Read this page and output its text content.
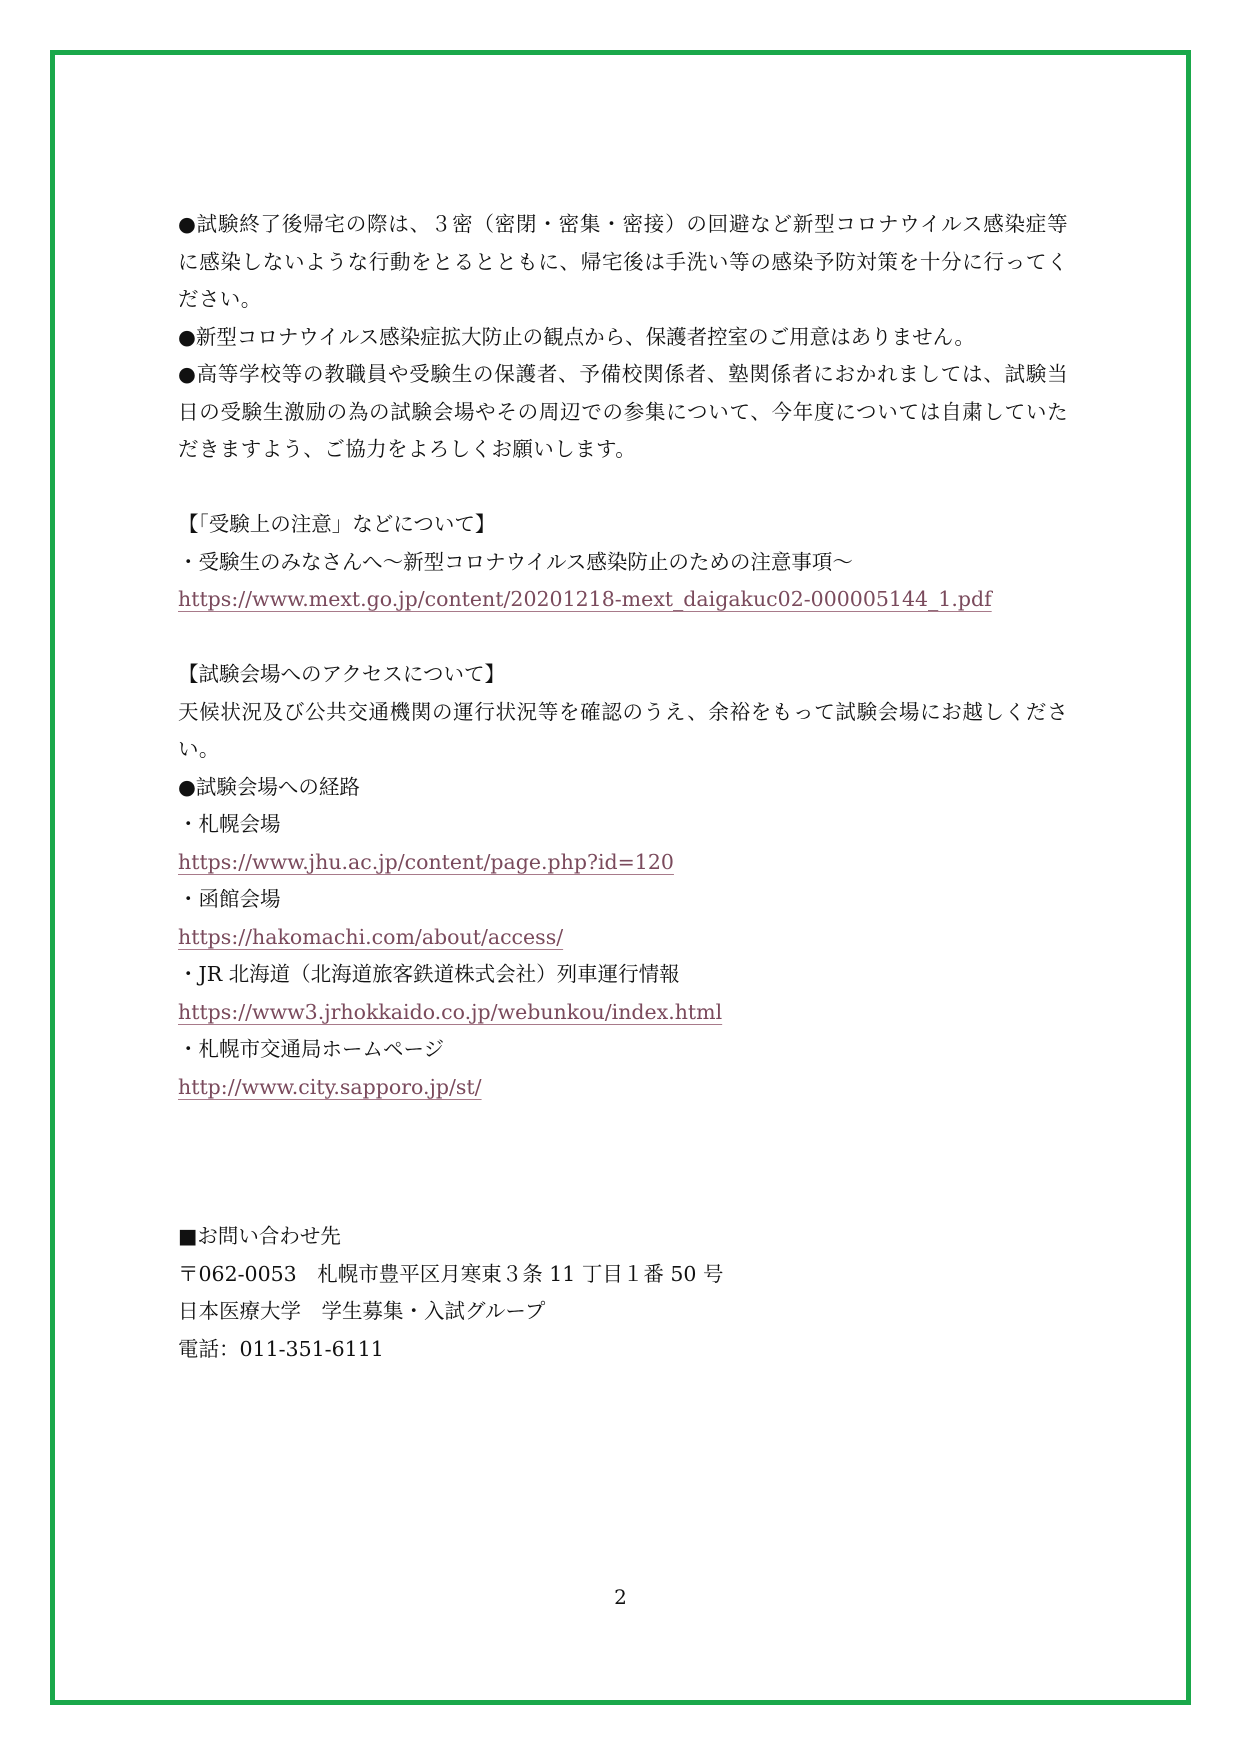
●試験終了後帰宅の際は、３密（密閉・密集・密接）の回避など新型コロナウイルス感染症等に感染しないような行動をとるとともに、帰宅後は手洗い等の感染予防対策を十分に行ってください。
●新型コロナウイルス感染症拡大防止の観点から、保護者控室のご用意はありません。
●高等学校等の教職員や受験生の保護者、予備校関係者、塾関係者におかれましては、試験当日の受験生激励の為の試験会場やその周辺での参集について、今年度については自粛していただきますよう、ご協力をよろしくお願いします。
【「受験上の注意」などについて】
・受験生のみなさんへ〜新型コロナウイルス感染防止のための注意事項〜
https://www.mext.go.jp/content/20201218-mext_daigakuc02-000005144_1.pdf
【試験会場へのアクセスについて】
天候状況及び公共交通機関の運行状況等を確認のうえ、余裕をもって試験会場にお越しください。
●試験会場への経路
・札幌会場
https://www.jhu.ac.jp/content/page.php?id=120
・函館会場
https://hakomachi.com/about/access/
・JR 北海道（北海道旅客鉄道株式会社）列車運行情報
https://www3.jrhokkaido.co.jp/webunkou/index.html
・札幌市交通局ホームページ
http://www.city.sapporo.jp/st/
■お問い合わせ先
〒062-0053　札幌市豊平区月寒東３条 11 丁目１番 50 号
日本医療大学　学生募集・入試グループ
電話：011-351-6111
2
